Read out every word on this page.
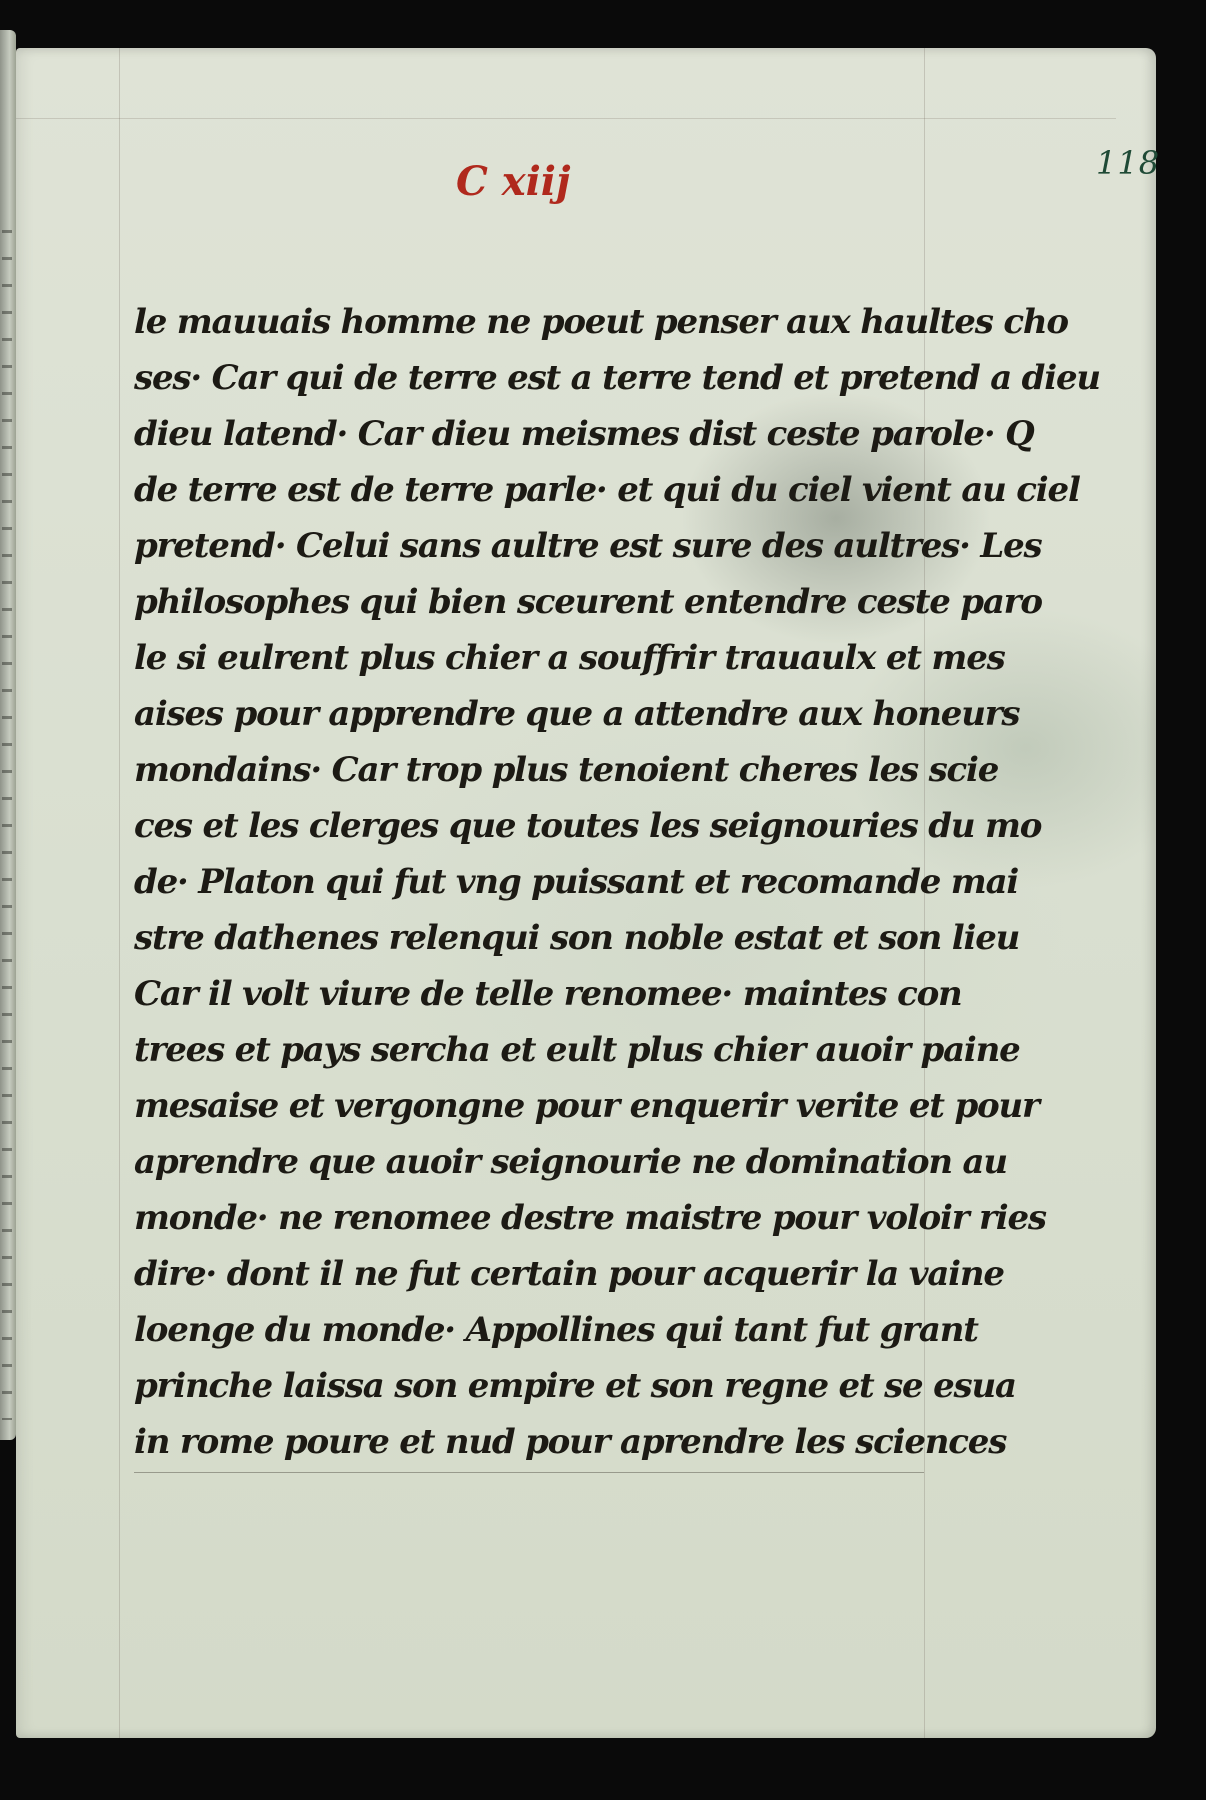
118
C xiij
le mauuais homme ne poeut penser aux haultes cho
ses· Car qui de terre est a terre tend et pretend a dieu
dieu latend· Car dieu meismes dist ceste parole· Q
de terre est de terre parle· et qui du ciel vient au ciel
pretend· Celui sans aultre est sure des aultres· Les
philosophes qui bien sceurent entendre ceste paro
le si eulrent plus chier a souffrir trauaulx et mes
aises pour apprendre que a attendre aux honeurs
mondains· Car trop plus tenoient cheres les scie
ces et les clerges que toutes les seignouries du mo
de· Platon qui fut vng puissant et recomande mai
stre dathenes relenqui son noble estat et son lieu
Car il volt viure de telle renomee· maintes con
trees et pays sercha et eult plus chier auoir paine
mesaise et vergongne pour enquerir verite et pour
aprendre que auoir seignourie ne domination au
monde· ne renomee destre maistre pour voloir ries
dire· dont il ne fut certain pour acquerir la vaine
loenge du monde· Appollines qui tant fut grant
prinche laissa son empire et son regne et se esua
in rome poure et nud pour aprendre les sciences
